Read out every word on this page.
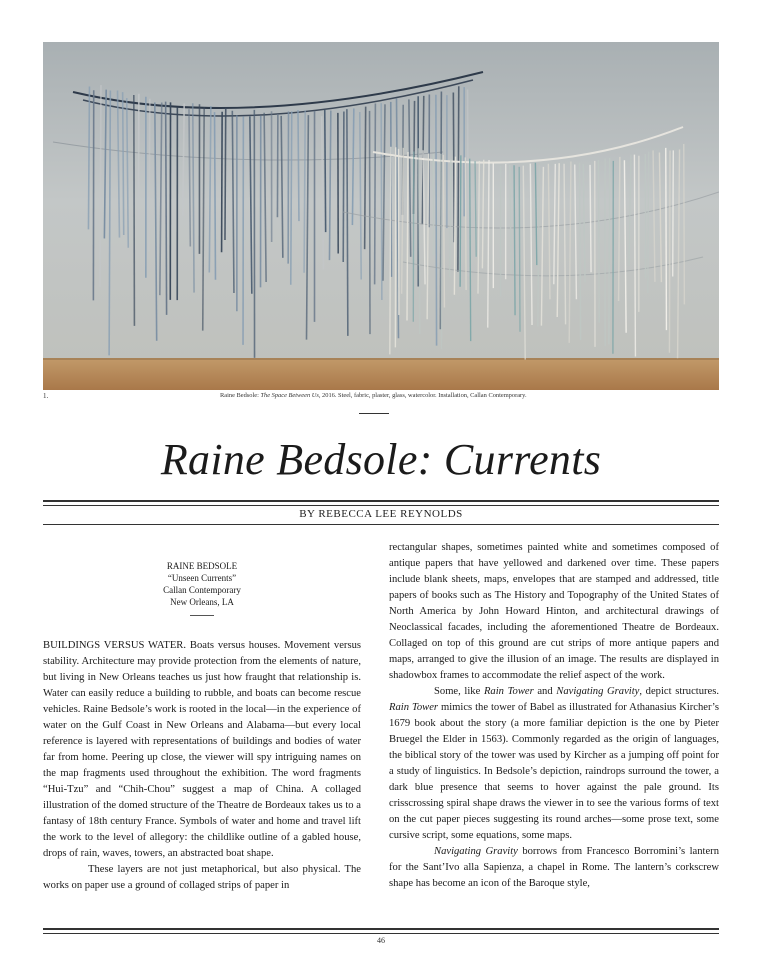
1.	Raine Bedsole: The Space Between Us, 2016. Steel, fabric, plaster, glass, watercolor. Installation, Callan Contemporary.
Raine Bedsole: Currents
BY REBECCA LEE REYNOLDS
RAINE BEDSOLE
“Unseen Currents”
Callan Contemporary
New Orleans, LA

BUILDINGS VERSUS WATER. Boats versus houses. Movement versus stability. Architecture may provide protection from the elements of nature, but living in New Orleans teaches us just how fraught that relationship is. Water can easily reduce a building to rubble, and boats can become rescue vehicles. Raine Bedsole’s work is rooted in the local—in the experience of water on the Gulf Coast in New Orleans and Alabama—but every local reference is layered with representations of buildings and bodies of water far from home. Peering up close, the viewer will spy intriguing names on the map fragments used throughout the exhibition. The word fragments “Hui-Tzu” and “Chih-Chou” suggest a map of China. A collaged illustration of the domed structure of the Theatre de Bordeaux takes us to a fantasy of 18th century France. Symbols of water and home and travel lift the work to the level of allegory: the childlike outline of a gabled house, drops of rain, waves, towers, an abstracted boat shape.

These layers are not just metaphorical, but also physical. The works on paper use a ground of collaged strips of paper in

rectangular shapes, sometimes painted white and sometimes composed of antique papers that have yellowed and darkened over time. These papers include blank sheets, maps, envelopes that are stamped and addressed, title papers of books such as The History and Topography of the United States of North America by John Howard Hinton, and architectural drawings of Neoclassical facades, including the aforementioned Theatre de Bordeaux. Collaged on top of this ground are cut strips of more antique papers and maps, arranged to give the illusion of an image. The results are displayed in shadowbox frames to accommodate the relief aspect of the work.

Some, like Rain Tower and Navigating Gravity, depict structures. Rain Tower mimics the tower of Babel as illustrated for Athanasius Kircher’s 1679 book about the story (a more familiar depiction is the one by Pieter Bruegel the Elder in 1563). Commonly regarded as the origin of languages, the biblical story of the tower was used by Kircher as a jumping off point for a study of linguistics. In Bedsole’s depiction, raindrops surround the tower, a dark blue presence that seems to hover against the pale ground. Its crisscrossing spiral shape draws the viewer in to see the various forms of text on the cut paper pieces suggesting its round arches—some prose text, some cursive script, some equations, some maps.

Navigating Gravity borrows from Francesco Borromini’s lantern for the Sant’Ivo alla Sapienza, a chapel in Rome. The lantern’s corkscrew shape has become an icon of the Baroque style,

46
